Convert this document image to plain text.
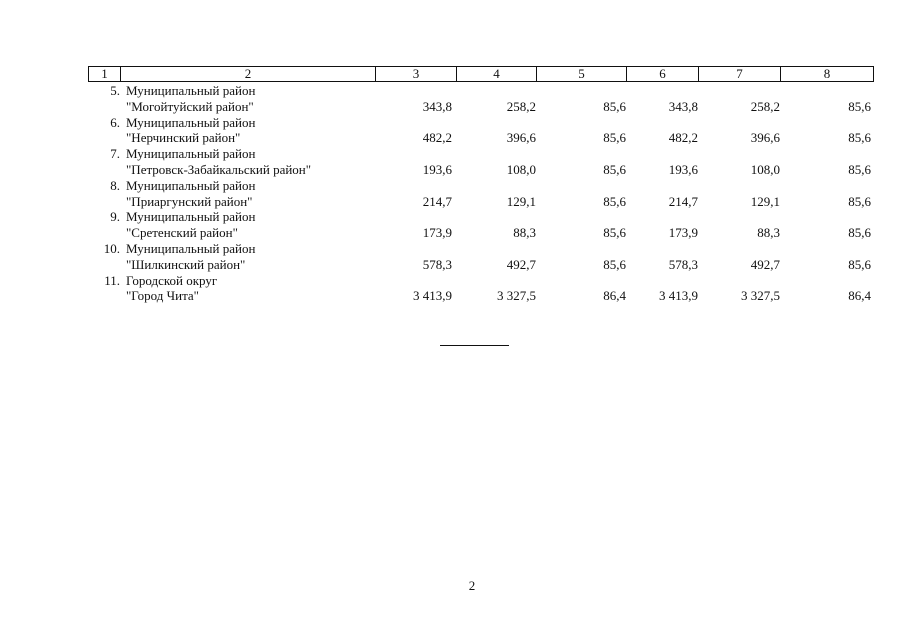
1	2	3	4	5	6	7	8
5. Муниципальный район
"Могойтуйский район"	343,8	258,2	85,6	343,8	258,2	85,6
6. Муниципальный район
"Нерчинский район"	482,2	396,6	85,6	482,2	396,6	85,6
7. Муниципальный район
"Петровск-Забайкальский район"	193,6	108,0	85,6	193,6	108,0	85,6
8. Муниципальный район
"Приаргунский район"	214,7	129,1	85,6	214,7	129,1	85,6
9. Муниципальный район
"Сретенский район"	173,9	88,3	85,6	173,9	88,3	85,6
10. Муниципальный район
"Шилкинский район"	578,3	492,7	85,6	578,3	492,7	85,6
11. Городской округ
"Город Чита"	3 413,9	3 327,5	86,4	3 413,9	3 327,5	86,4
2
